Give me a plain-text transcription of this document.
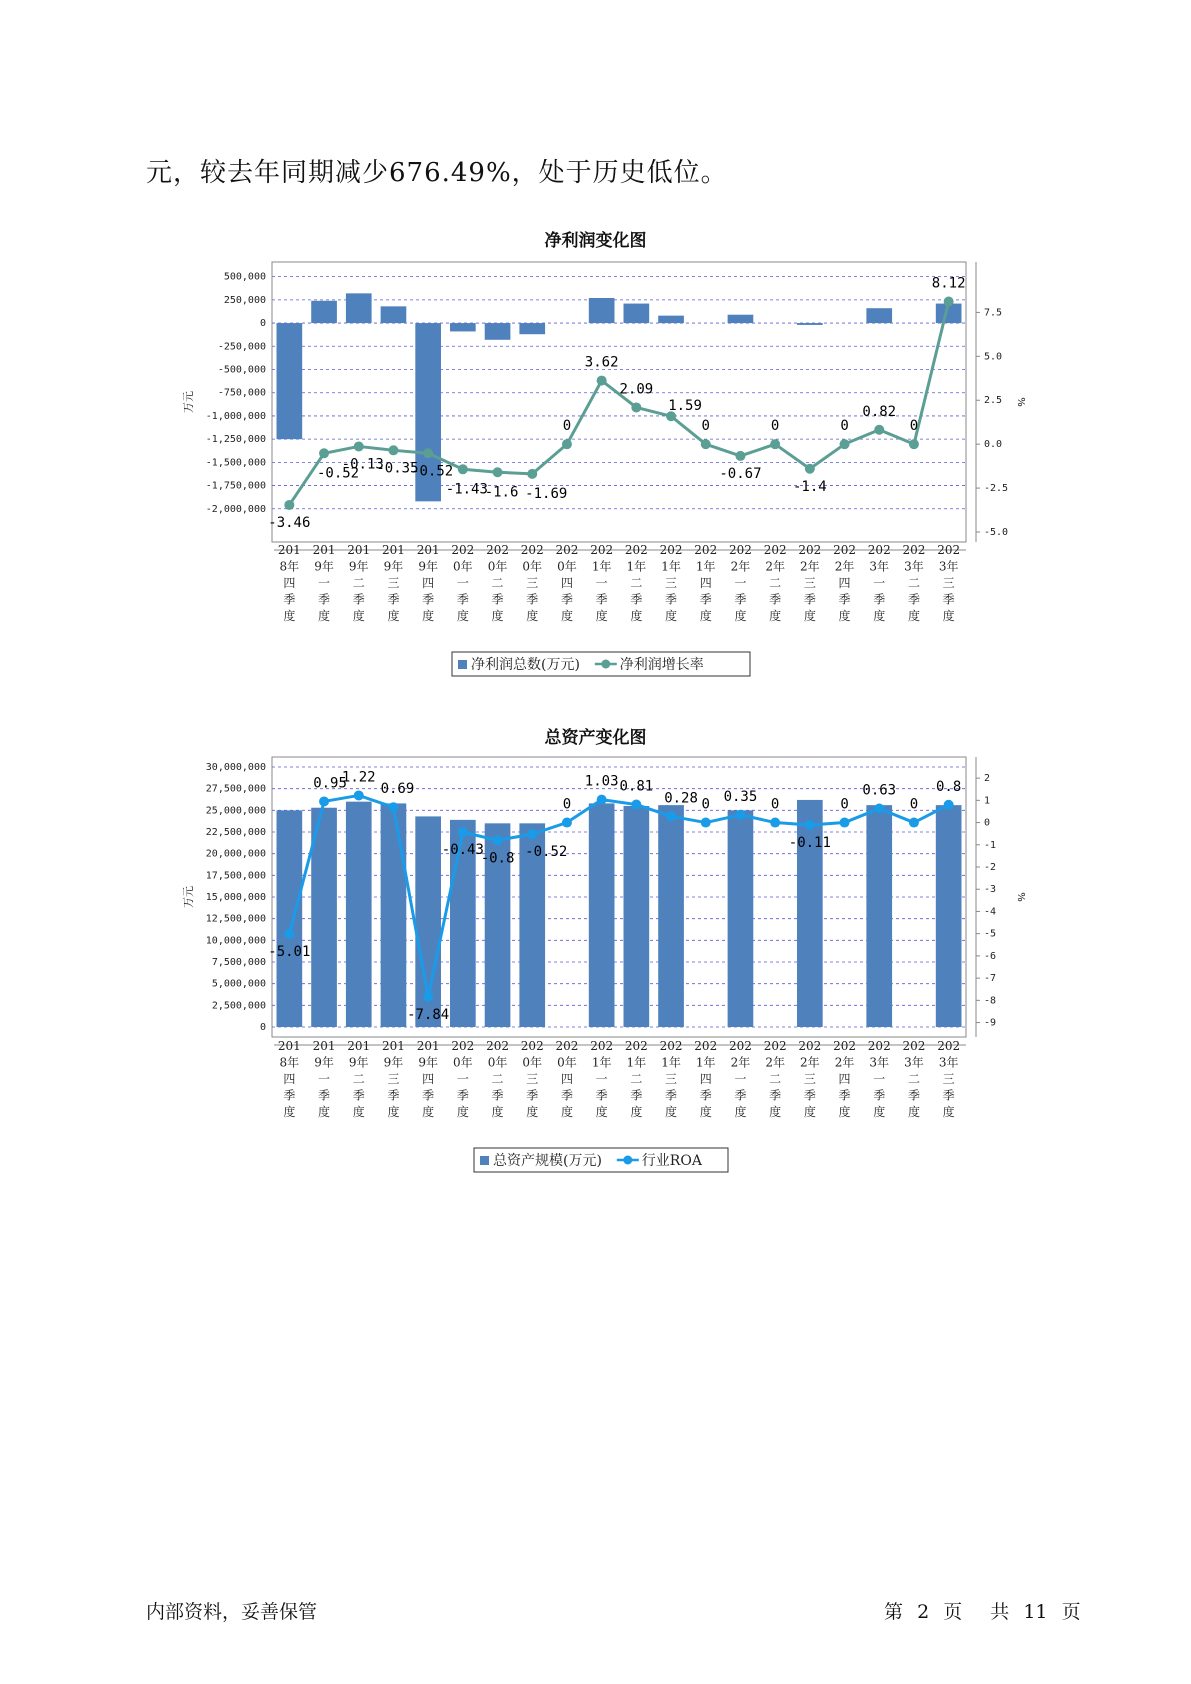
元，较去年同期减少676.49%，处于历史低位。
净利润变化图
500,000
250,000
0
-250,000
-500,000
-750,000
-1,000,000
-1,250,000
-1,500,000
-1,750,000
-2,000,000
7.5
5.0
2.5
0.0
-2.5
-5.0
万元	%
-3.46
-0.52
-0.13
-0.35
-0.52
-1.43
-1.6 -1.69
0
3.62
2.09
1.59
0
-0.67
0
-1.4
0
0.82
0
8.12
201 8年四季度
201 9年一季度
201 9年二季度
201 9年三季度
201 9年四季度
202 0年一季度
202 0年二季度
202 0年三季度
202 0年四季度
202 1年一季度
202 1年二季度
202 1年三季度
202 1年四季度
202 2年一季度
202 2年二季度
202 2年三季度
202 2年四季度
202 3年一季度
202 3年二季度
202 3年三季度
净利润总数(万元)	净利润增长率
总资产变化图
30,000,000
27,500,000
25,000,000
22,500,000
20,000,000
17,500,000
15,000,000
12,500,000
10,000,000
7,500,000
5,000,000
2,500,000
0
2
1
0
-1
-2
-3
-4
-5
-6
-7
-8
-9
万元	%
-5.01
0.95
1.22
0.69
-7.84
-0.43
-0.8 -0.52
0
1.03 0.81
0.28 0 0.35 0
-0.11
0
0.63
0
0.8
201 8年四季度
201 9年一季度
201 9年二季度
201 9年三季度
201 9年四季度
202 0年一季度
202 0年二季度
202 0年三季度
202 0年四季度
202 1年一季度
202 1年二季度
202 1年三季度
202 1年四季度
202 2年一季度
202 2年二季度
202 2年三季度
202 2年四季度
202 3年一季度
202 3年二季度
202 3年三季度
总资产规模(万元)	行业ROA
内部资料，妥善保管	第 2 页 共 11 页
